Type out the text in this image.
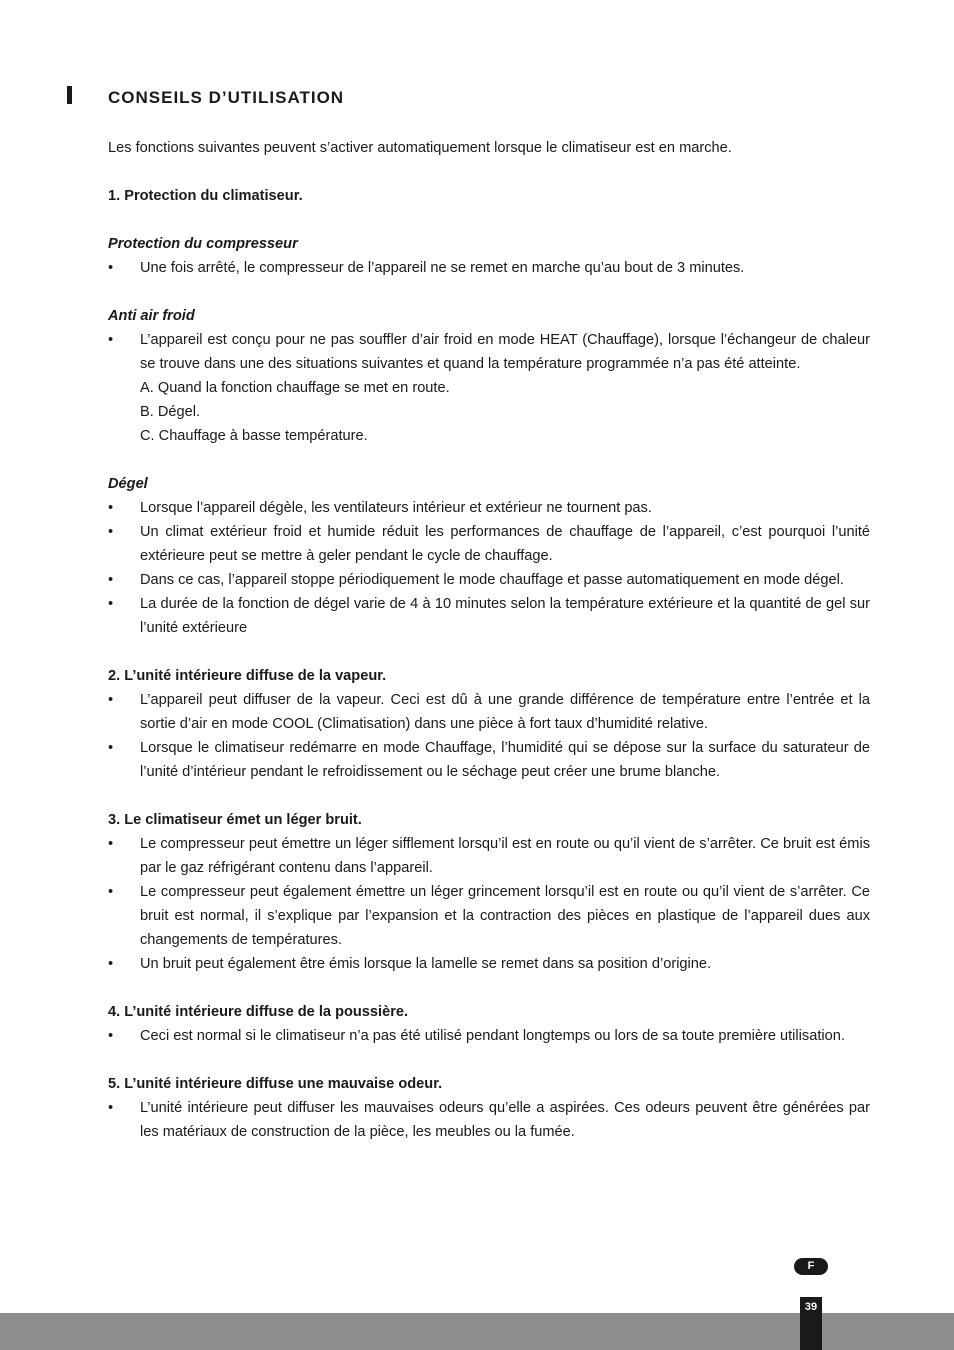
CONSEILS D’UTILISATION

Les fonctions suivantes peuvent s’activer automatiquement lorsque le climatiseur est en marche.

1. Protection du climatiseur.

Protection du compresseur

• Une fois arrêté, le compresseur de l’appareil ne se remet en marche qu’au bout de 3 minutes.

Anti air froid

• L’appareil est conçu pour ne pas souffler d’air froid en mode HEAT (Chauffage), lorsque l’échangeur de chaleur se trouve dans une des situations suivantes et quand la température programmée n’a pas été atteinte.
A. Quand la fonction chauffage se met en route.
B. Dégel.
C. Chauffage à basse température.

Dégel

• Lorsque l’appareil dégèle, les ventilateurs intérieur et extérieur ne tournent pas.
• Un climat extérieur froid et humide réduit les performances de chauffage de l’appareil, c’est pourquoi l’unité extérieure peut se mettre à geler pendant le cycle de chauffage.
• Dans ce cas, l’appareil stoppe périodiquement le mode chauffage et passe automatiquement en mode dégel.
• La durée de la fonction de dégel varie de 4 à 10 minutes selon la température extérieure et la quantité de gel sur l’unité extérieure

2. L’unité intérieure diffuse de la vapeur.

• L’appareil peut diffuser de la vapeur. Ceci est dû à une grande différence de température entre l’entrée et la sortie d’air en mode COOL (Climatisation) dans une pièce à fort taux d’humidité relative.
• Lorsque le climatiseur redémarre en mode Chauffage, l’humidité qui se dépose sur la surface du saturateur de l’unité d’intérieur pendant le refroidissement ou le séchage peut créer une brume blanche.

3. Le climatiseur émet un léger bruit.

• Le compresseur peut émettre un léger sifflement lorsqu’il est en route ou qu’il vient de s’arrêter. Ce bruit est émis par le gaz réfrigérant contenu dans l’appareil.
• Le compresseur peut également émettre un léger grincement lorsqu’il est en route ou qu’il vient de s’arrêter. Ce bruit est normal, il s’explique par l’expansion et la contraction des pièces en plastique de l’appareil dues aux changements de températures.
• Un bruit peut également être émis lorsque la lamelle se remet dans sa position d’origine.

4. L’unité intérieure diffuse de la poussière.

• Ceci est normal si le climatiseur n’a pas été utilisé pendant longtemps ou lors de sa toute première utilisation.

5. L’unité intérieure diffuse une mauvaise odeur.

• L’unité intérieure peut diffuser les mauvaises odeurs qu’elle a aspirées. Ces odeurs peuvent être générées par les matériaux de construction de la pièce, les meubles ou la fumée.
F
39
